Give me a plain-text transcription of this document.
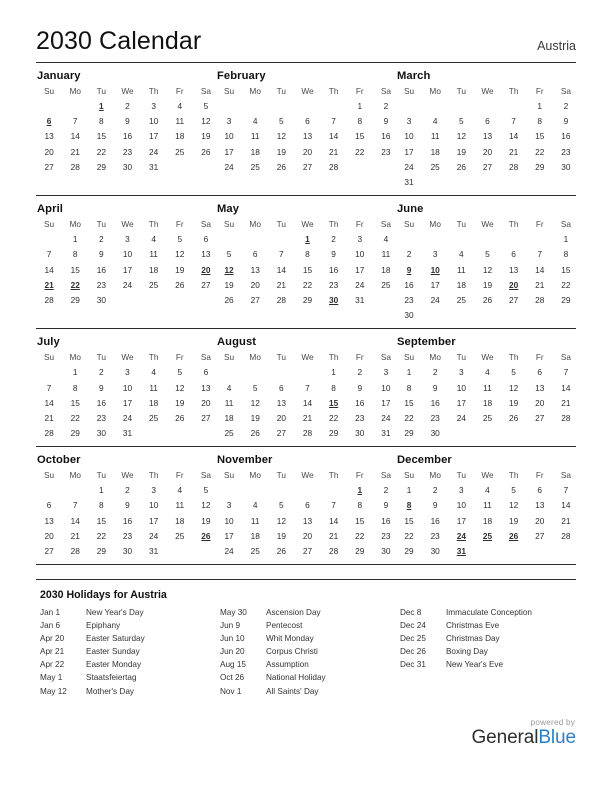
2030 Calendar	Austria
January
Su	Mo	Tu	We	Th	Fr	Sa
		1	2	3	4	5
6	7	8	9	10	11	12
13	14	15	16	17	18	19
20	21	22	23	24	25	26
27	28	29	30	31		
February
Su	Mo	Tu	We	Th	Fr	Sa
					1	2
3	4	5	6	7	8	9
10	11	12	13	14	15	16
17	18	19	20	21	22	23
24	25	26	27	28		
March
Su	Mo	Tu	We	Th	Fr	Sa
					1	2
3	4	5	6	7	8	9
10	11	12	13	14	15	16
17	18	19	20	21	22	23
24	25	26	27	28	29	30
31						
April
Su	Mo	Tu	We	Th	Fr	Sa
	1	2	3	4	5	6
7	8	9	10	11	12	13
14	15	16	17	18	19	20
21	22	23	24	25	26	27
28	29	30				
May
Su	Mo	Tu	We	Th	Fr	Sa
			1	2	3	4
5	6	7	8	9	10	11
12	13	14	15	16	17	18
19	20	21	22	23	24	25
26	27	28	29	30	31	
June
Su	Mo	Tu	We	Th	Fr	Sa
						1
2	3	4	5	6	7	8
9	10	11	12	13	14	15
16	17	18	19	20	21	22
23	24	25	26	27	28	29
30						
July
Su	Mo	Tu	We	Th	Fr	Sa
	1	2	3	4	5	6
7	8	9	10	11	12	13
14	15	16	17	18	19	20
21	22	23	24	25	26	27
28	29	30	31			
August
Su	Mo	Tu	We	Th	Fr	Sa
				1	2	3
4	5	6	7	8	9	10
11	12	13	14	15	16	17
18	19	20	21	22	23	24
25	26	27	28	29	30	31
September
Su	Mo	Tu	We	Th	Fr	Sa
1	2	3	4	5	6	7
8	9	10	11	12	13	14
15	16	17	18	19	20	21
22	23	24	25	26	27	28
29	30					
October
Su	Mo	Tu	We	Th	Fr	Sa
		1	2	3	4	5
6	7	8	9	10	11	12
13	14	15	16	17	18	19
20	21	22	23	24	25	26
27	28	29	30	31		
November
Su	Mo	Tu	We	Th	Fr	Sa
					1	2
3	4	5	6	7	8	9
10	11	12	13	14	15	16
17	18	19	20	21	22	23
24	25	26	27	28	29	30
December
Su	Mo	Tu	We	Th	Fr	Sa
1	2	3	4	5	6	7
8	9	10	11	12	13	14
15	16	17	18	19	20	21
22	23	24	25	26	27	28
29	30	31				
2030 Holidays for Austria
Jan 1	New Year's Day
Jan 6	Epiphany
Apr 20	Easter Saturday
Apr 21	Easter Sunday
Apr 22	Easter Monday
May 1	Staatsfeiertag
May 12	Mother's Day
May 30	Ascension Day
Jun 9	Pentecost
Jun 10	Whit Monday
Jun 20	Corpus Christi
Aug 15	Assumption
Oct 26	National Holiday
Nov 1	All Saints' Day
Dec 8	Immaculate Conception
Dec 24	Christmas Eve
Dec 25	Christmas Day
Dec 26	Boxing Day
Dec 31	New Year's Eve
powered by
GeneralBlue
